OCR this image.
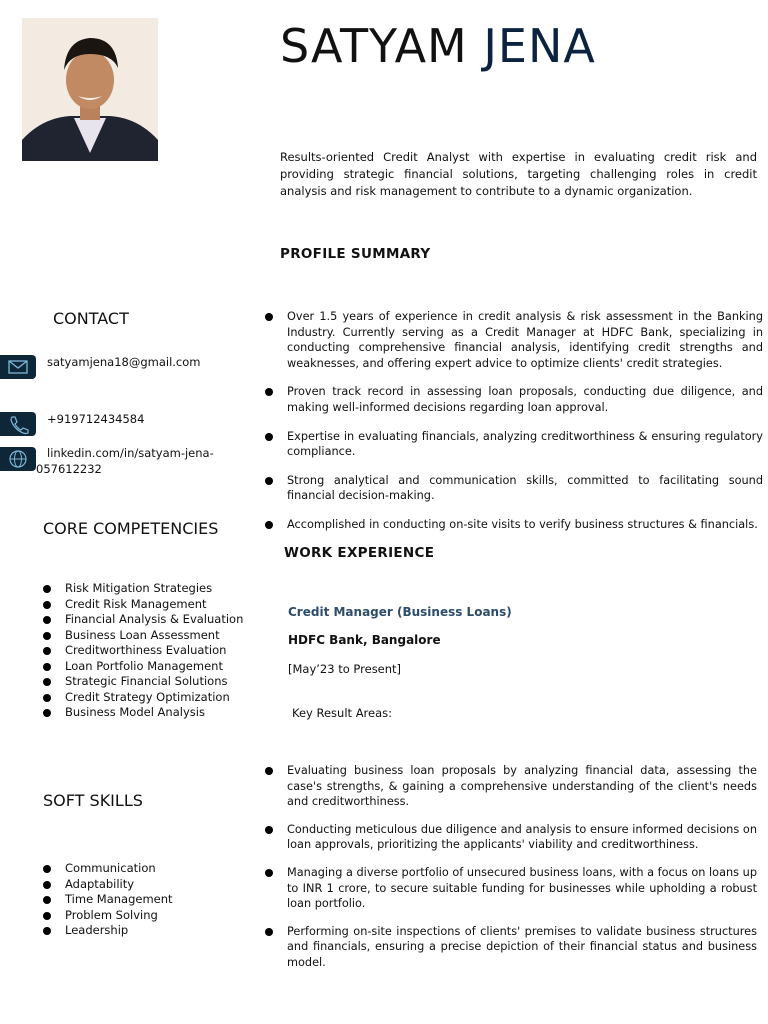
SATYAM JENA

Results-oriented Credit Analyst with expertise in evaluating credit risk and providing strategic financial solutions, targeting challenging roles in credit analysis and risk management to contribute to a dynamic organization.

PROFILE SUMMARY
Over 1.5 years of experience in credit analysis & risk assessment in the Banking Industry. Currently serving as a Credit Manager at HDFC Bank, specializing in conducting comprehensive financial analysis, identifying credit strengths and weaknesses, and offering expert advice to optimize clients' credit strategies.
Proven track record in assessing loan proposals, conducting due diligence, and making well-informed decisions regarding loan approval.
Expertise in evaluating financials, analyzing creditworthiness & ensuring regulatory compliance.
Strong analytical and communication skills, committed to facilitating sound financial decision-making.
Accomplished in conducting on-site visits to verify business structures & financials.
CONTACT
satyamjena18@gmail.com
+919712434584
linkedin.com/in/satyam-jena-057612232
CORE COMPETENCIES
Risk Mitigation Strategies
Credit Risk Management
Financial Analysis & Evaluation
Business Loan Assessment
Creditworthiness Evaluation
Loan Portfolio Management
Strategic Financial Solutions
Credit Strategy Optimization
Business Model Analysis
SOFT SKILLS
Communication
Adaptability
Time Management
Problem Solving
Leadership
WORK EXPERIENCE
Credit Manager (Business Loans)
HDFC Bank, Bangalore
[May’23 to Present]
Key Result Areas:
Evaluating business loan proposals by analyzing financial data, assessing the case's strengths, & gaining a comprehensive understanding of the client's needs and creditworthiness.
Conducting meticulous due diligence and analysis to ensure informed decisions on loan approvals, prioritizing the applicants' viability and creditworthiness.
Managing a diverse portfolio of unsecured business loans, with a focus on loans up to INR 1 crore, to secure suitable funding for businesses while upholding a robust loan portfolio.
Performing on-site inspections of clients' premises to validate business structures and financials, ensuring a precise depiction of their financial status and business model.
